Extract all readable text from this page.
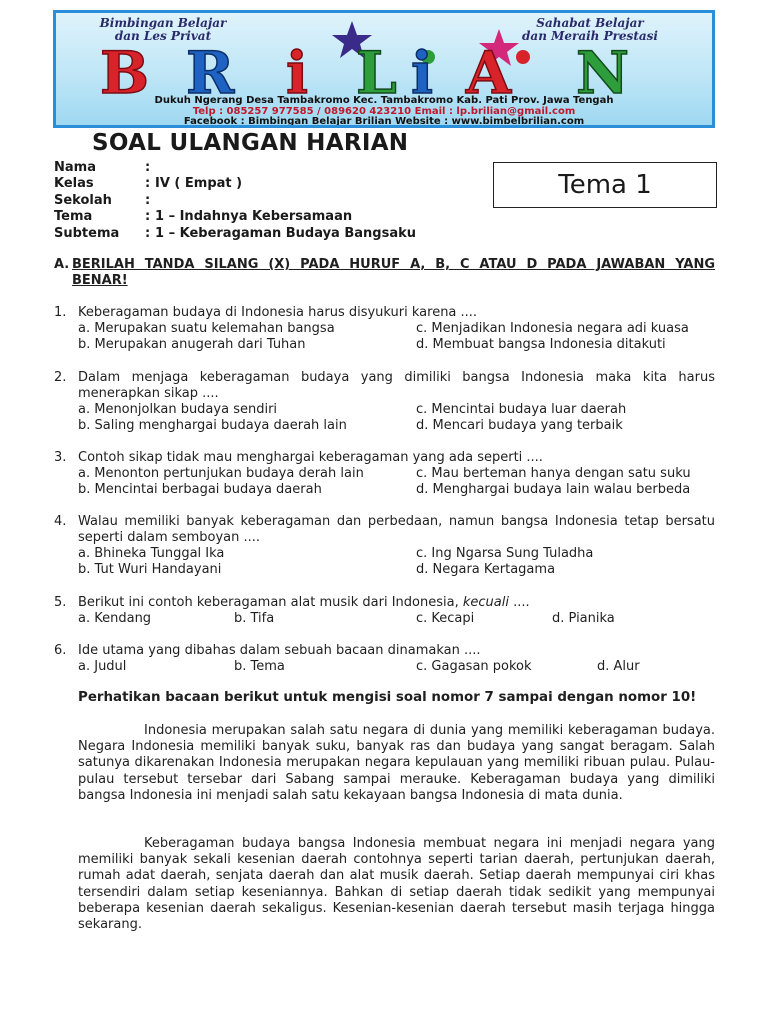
Bimbingan Belajar
dan Les Privat
Sahabat Belajar
dan Meraih Prestasi
B R i L i A N
Dukuh Ngerang Desa Tambakromo Kec. Tambakromo Kab. Pati Prov. Jawa Tengah
Telp : 085257 977585 / 089620 423210 Email : lp.brilian@gmail.com
Facebook : Bimbingan Belajar Brilian Website : www.bimbelbrilian.com
SOAL ULANGAN HARIAN
Tema 1
Nama	:
Kelas	: IV ( Empat )
Sekolah	:
Tema	: 1 – Indahnya Kebersamaan
Subtema	: 1 – Keberagaman Budaya Bangsaku
A. BERILAH TANDA SILANG (X) PADA HURUF A, B, C ATAU D PADA JAWABAN YANG
BENAR!
1. Keberagaman budaya di Indonesia harus disyukuri karena ....
a. Merupakan suatu kelemahan bangsa
b. Merupakan anugerah dari Tuhan
c. Menjadikan Indonesia negara adi kuasa
d. Membuat bangsa Indonesia ditakuti
2. Dalam menjaga keberagaman budaya yang dimiliki bangsa Indonesia maka kita harus menerapkan sikap ....
a. Menonjolkan budaya sendiri
b. Saling menghargai budaya daerah lain
c. Mencintai budaya luar daerah
d. Mencari budaya yang terbaik
3. Contoh sikap tidak mau menghargai keberagaman yang ada seperti ....
a. Menonton pertunjukan budaya derah lain
b. Mencintai berbagai budaya daerah
c. Mau berteman hanya dengan satu suku
d. Menghargai budaya lain walau berbeda
4. Walau memiliki banyak keberagaman dan perbedaan, namun bangsa Indonesia tetap bersatu seperti dalam semboyan ....
a. Bhineka Tunggal Ika
b. Tut Wuri Handayani
c. Ing Ngarsa Sung Tuladha
d. Negara Kertagama
5. Berikut ini contoh keberagaman alat musik dari Indonesia, kecuali ....
a. Kendang	b. Tifa	c. Kecapi	d. Pianika
6. Ide utama yang dibahas dalam sebuah bacaan dinamakan ....
a. Judul	b. Tema	c. Gagasan pokok	d. Alur
Perhatikan bacaan berikut untuk mengisi soal nomor 7 sampai dengan nomor 10!
Indonesia merupakan salah satu negara di dunia yang memiliki keberagaman budaya. Negara Indonesia memiliki banyak suku, banyak ras dan budaya yang sangat beragam. Salah satunya dikarenakan Indonesia merupakan negara kepulauan yang memiliki ribuan pulau. Pulau-pulau tersebut tersebar dari Sabang sampai merauke. Keberagaman budaya yang dimiliki bangsa Indonesia ini menjadi salah satu kekayaan bangsa Indonesia di mata dunia.
Keberagaman budaya bangsa Indonesia membuat negara ini menjadi negara yang memiliki banyak sekali kesenian daerah contohnya seperti tarian daerah, pertunjukan daerah, rumah adat daerah, senjata daerah dan alat musik daerah. Setiap daerah mempunyai ciri khas tersendiri dalam setiap keseniannya. Bahkan di setiap daerah tidak sedikit yang mempunyai beberapa kesenian daerah sekaligus. Kesenian-kesenian daerah tersebut masih terjaga hingga sekarang.
